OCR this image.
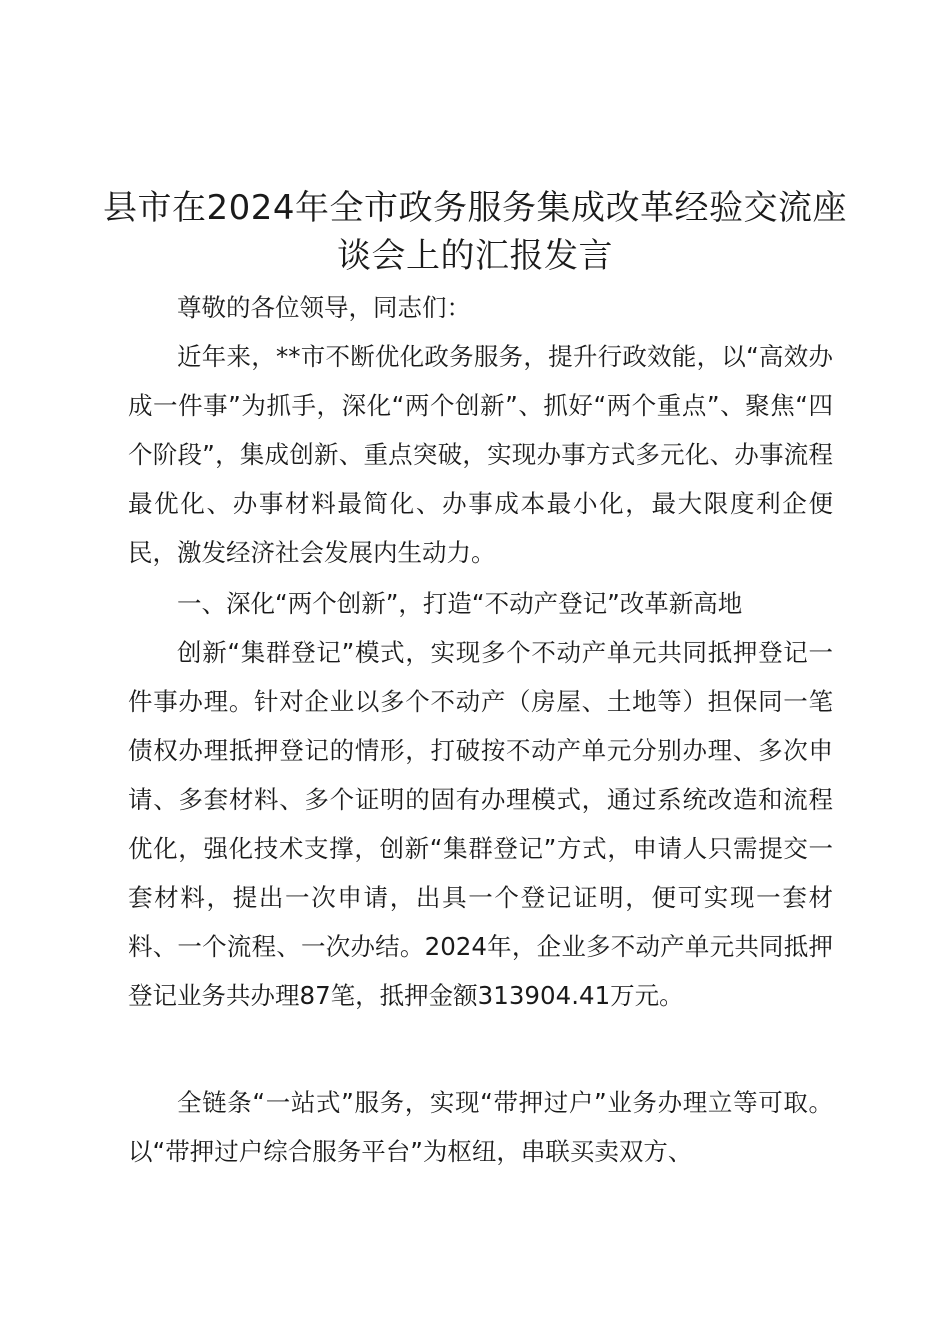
县市在2024年全市政务服务集成改革经验交流座谈会上的汇报发言

尊敬的各位领导，同志们：

近年来，**市不断优化政务服务，提升行政效能，以“高效办成一件事”为抓手，深化“两个创新”、抓好“两个重点”、聚焦“四个阶段”，集成创新、重点突破，实现办事方式多元化、办事流程最优化、办事材料最简化、办事成本最小化，最大限度利企便民，激发经济社会发展内生动力。

一、深化“两个创新”，打造“不动产登记”改革新高地

创新“集群登记”模式，实现多个不动产单元共同抵押登记一件事办理。针对企业以多个不动产（房屋、土地等）担保同一笔债权办理抵押登记的情形，打破按不动产单元分别办理、多次申请、多套材料、多个证明的固有办理模式，通过系统改造和流程优化，强化技术支撑，创新“集群登记”方式，申请人只需提交一套材料，提出一次申请，出具一个登记证明，便可实现一套材料、一个流程、一次办结。2024年，企业多不动产单元共同抵押登记业务共办理87笔，抵押金额313904.41万元。

全链条“一站式”服务，实现“带押过户”业务办理立等可取。以“带押过户综合服务平台”为枢纽，串联买卖双方、
